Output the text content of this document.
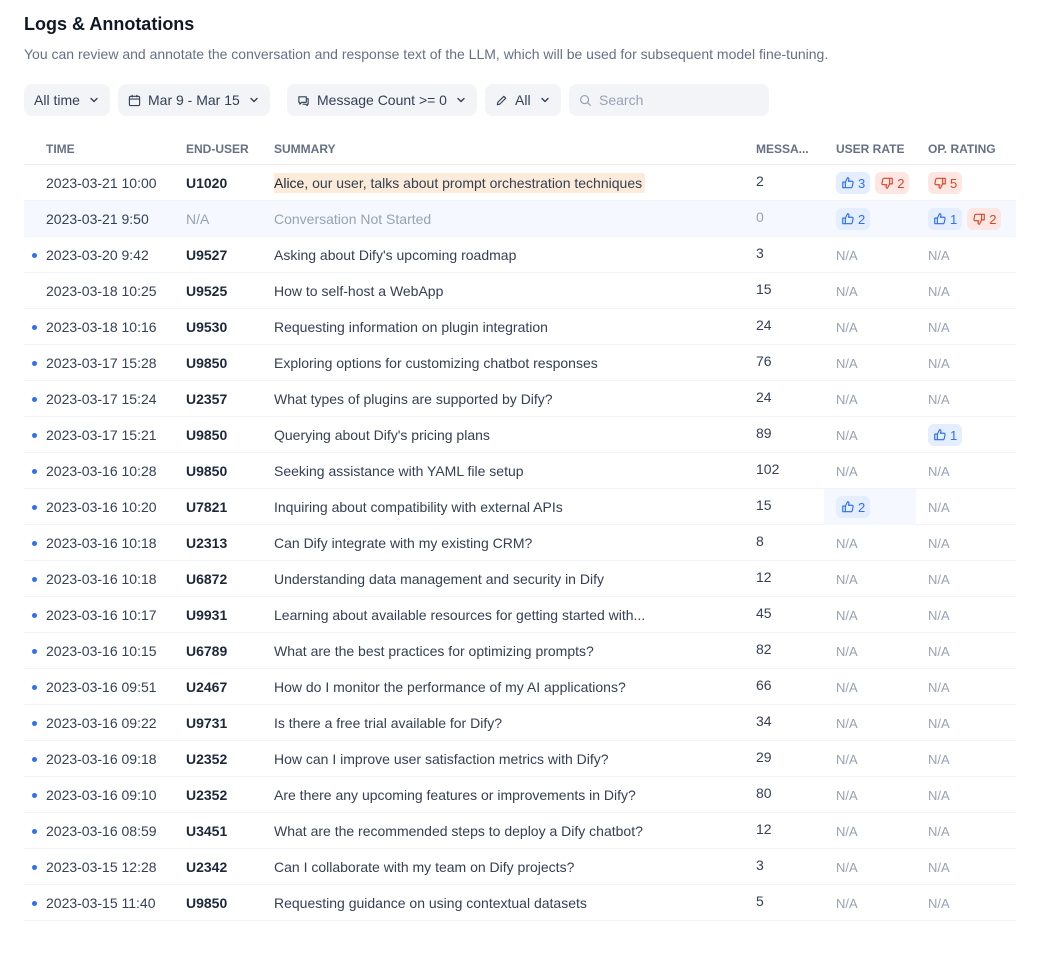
Logs & Annotations

You can review and annotate the conversation and response text of the LLM, which will be used for subsequent model fine-tuning.

All time	Mar 9 - Mar 15	Message Count >= 0	All
Search
TIME	END-USER SUMMARY	MESSA... USER RATE OP. RATING
2023-03-21 10:00 U1020	Alice, our user, talks about prompt orchestration techniques	2	3 2	5
2023-03-21 9:50	N/A	Conversation Not Started	0	2	1 2
2023-03-20 9:42	U9527	Asking about Dify's upcoming roadmap	3	N/A	N/A
2023-03-18 10:25 U9525	How to self-host a WebApp	15	N/A	N/A
2023-03-18 10:16 U9530	Requesting information on plugin integration	24	N/A	N/A
2023-03-17 15:28 U9850	Exploring options for customizing chatbot responses	76	N/A	N/A
2023-03-17 15:24 U2357	What types of plugins are supported by Dify?	24	N/A	N/A
2023-03-17 15:21 U9850	Querying about Dify's pricing plans	89	N/A	1
2023-03-16 10:28 U9850	Seeking assistance with YAML file setup	102	N/A	N/A
2023-03-16 10:20 U7821	Inquiring about compatibility with external APIs	15	2	N/A
2023-03-16 10:18 U2313	Can Dify integrate with my existing CRM?	8	N/A	N/A
2023-03-16 10:18 U6872	Understanding data management and security in Dify	12	N/A	N/A
2023-03-16 10:17 U9931	Learning about available resources for getting started with...	45	N/A	N/A
2023-03-16 10:15 U6789	What are the best practices for optimizing prompts?	82	N/A	N/A
2023-03-16 09:51 U2467	How do I monitor the performance of my AI applications?	66	N/A	N/A
2023-03-16 09:22 U9731	Is there a free trial available for Dify?	34	N/A	N/A
2023-03-16 09:18 U2352	How can I improve user satisfaction metrics with Dify?	29	N/A	N/A
2023-03-16 09:10 U2352	Are there any upcoming features or improvements in Dify?	80	N/A	N/A
2023-03-16 08:59 U3451	What are the recommended steps to deploy a Dify chatbot?	12	N/A	N/A
2023-03-15 12:28 U2342	Can I collaborate with my team on Dify projects?	3	N/A	N/A
2023-03-15 11:40 U9850	Requesting guidance on using contextual datasets	5	N/A	N/A
